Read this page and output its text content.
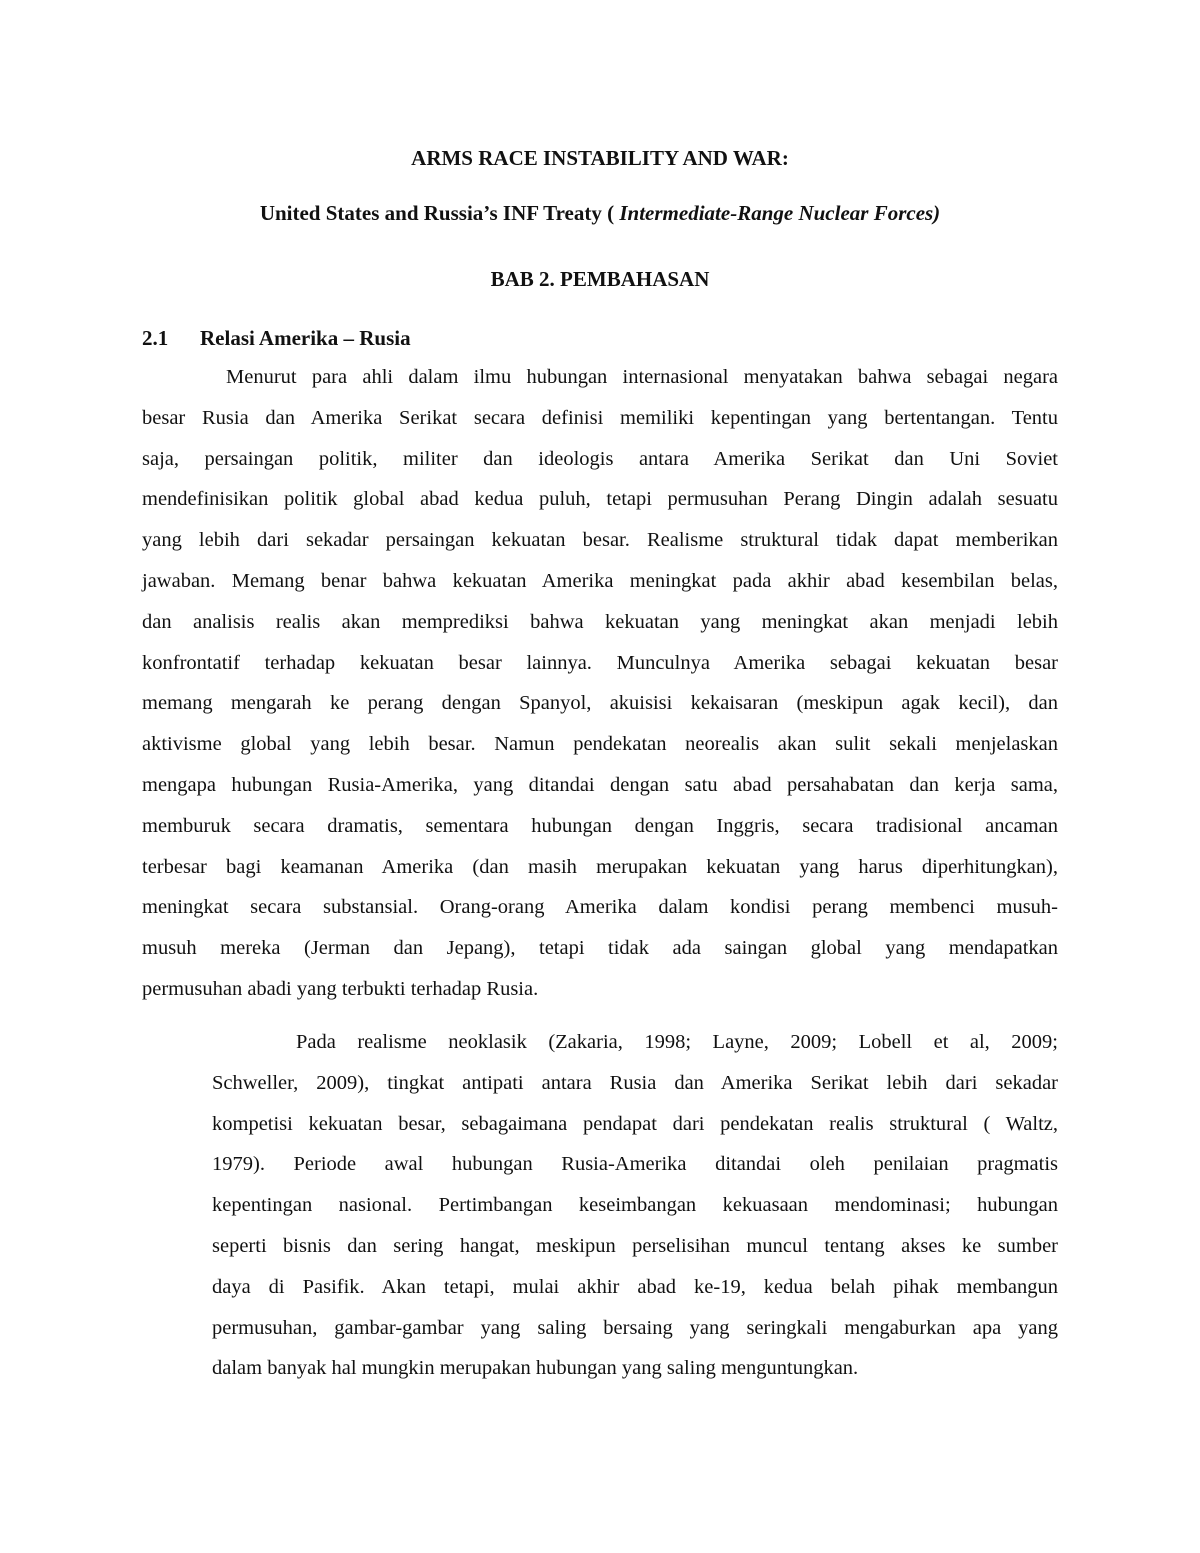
ARMS RACE INSTABILITY AND WAR:
United States and Russia’s INF Treaty ( Intermediate-Range Nuclear Forces)
BAB 2. PEMBAHASAN
2.1 Relasi Amerika – Rusia
Menurut para ahli dalam ilmu hubungan internasional menyatakan bahwa sebagai negara
besar Rusia dan Amerika Serikat secara definisi memiliki kepentingan yang bertentangan. Tentu
saja, persaingan politik, militer dan ideologis antara Amerika Serikat dan Uni Soviet
mendefinisikan politik global abad kedua puluh, tetapi permusuhan Perang Dingin adalah sesuatu
yang lebih dari sekadar persaingan kekuatan besar. Realisme struktural tidak dapat memberikan
jawaban. Memang benar bahwa kekuatan Amerika meningkat pada akhir abad kesembilan belas,
dan analisis realis akan memprediksi bahwa kekuatan yang meningkat akan menjadi lebih
konfrontatif terhadap kekuatan besar lainnya. Munculnya Amerika sebagai kekuatan besar
memang mengarah ke perang dengan Spanyol, akuisisi kekaisaran (meskipun agak kecil), dan
aktivisme global yang lebih besar. Namun pendekatan neorealis akan sulit sekali menjelaskan
mengapa hubungan Rusia-Amerika, yang ditandai dengan satu abad persahabatan dan kerja sama,
memburuk secara dramatis, sementara hubungan dengan Inggris, secara tradisional ancaman
terbesar bagi keamanan Amerika (dan masih merupakan kekuatan yang harus diperhitungkan),
meningkat secara substansial. Orang-orang Amerika dalam kondisi perang membenci musuh-
musuh mereka (Jerman dan Jepang), tetapi tidak ada saingan global yang mendapatkan
permusuhan abadi yang terbukti terhadap Rusia.
Pada realisme neoklasik (Zakaria, 1998; Layne, 2009; Lobell et al, 2009;
Schweller, 2009), tingkat antipati antara Rusia dan Amerika Serikat lebih dari sekadar
kompetisi kekuatan besar, sebagaimana pendapat dari pendekatan realis struktural ( Waltz,
1979). Periode awal hubungan Rusia-Amerika ditandai oleh penilaian pragmatis
kepentingan nasional. Pertimbangan keseimbangan kekuasaan mendominasi; hubungan
seperti bisnis dan sering hangat, meskipun perselisihan muncul tentang akses ke sumber
daya di Pasifik. Akan tetapi, mulai akhir abad ke-19, kedua belah pihak membangun
permusuhan, gambar-gambar yang saling bersaing yang seringkali mengaburkan apa yang
dalam banyak hal mungkin merupakan hubungan yang saling menguntungkan.
